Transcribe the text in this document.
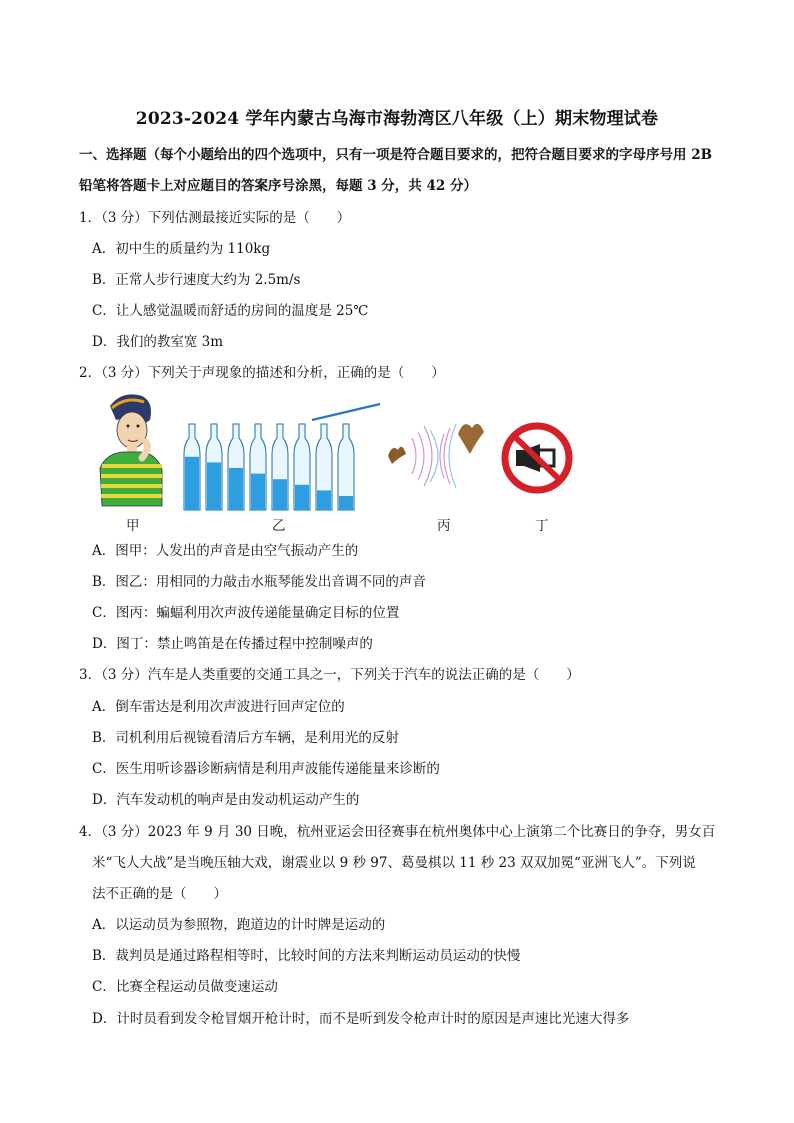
2023-2024 学年内蒙古乌海市海勃湾区八年级（上）期末物理试卷
一、选择题（每个小题给出的四个选项中，只有一项是符合题目要求的，把符合题目要求的字母序号用 2B
铅笔将答题卡上对应题目的答案序号涂黑，每题 3 分，共 42 分）
1．（3 分）下列估测最接近实际的是（　　）
A．初中生的质量约为 110kg
B．正常人步行速度大约为 2.5m/s
C．让人感觉温暖而舒适的房间的温度是 25℃
D．我们的教室宽 3m
2．（3 分）下列关于声现象的描述和分析，正确的是（　　）
甲	乙	丙	丁
A．图甲：人发出的声音是由空气振动产生的
B．图乙：用相同的力敲击水瓶琴能发出音调不同的声音
C．图丙：蝙蝠利用次声波传递能量确定目标的位置
D．图丁：禁止鸣笛是在传播过程中控制噪声的
3．（3 分）汽车是人类重要的交通工具之一，下列关于汽车的说法正确的是（　　）
A．倒车雷达是利用次声波进行回声定位的
B．司机利用后视镜看清后方车辆，是利用光的反射
C．医生用听诊器诊断病情是利用声波能传递能量来诊断的
D．汽车发动机的响声是由发动机运动产生的
4．（3 分）2023 年 9 月 30 日晚，杭州亚运会田径赛事在杭州奥体中心上演第二个比赛日的争夺，男女百
米“飞人大战”是当晚压轴大戏，谢震业以 9 秒 97、葛曼棋以 11 秒 23 双双加冕“亚洲飞人”。下列说
法不正确的是（　　）
A．以运动员为参照物，跑道边的计时牌是运动的
B．裁判员是通过路程相等时，比较时间的方法来判断运动员运动的快慢
C．比赛全程运动员做变速运动
D．计时员看到发令枪冒烟开枪计时，而不是听到发令枪声计时的原因是声速比光速大得多
